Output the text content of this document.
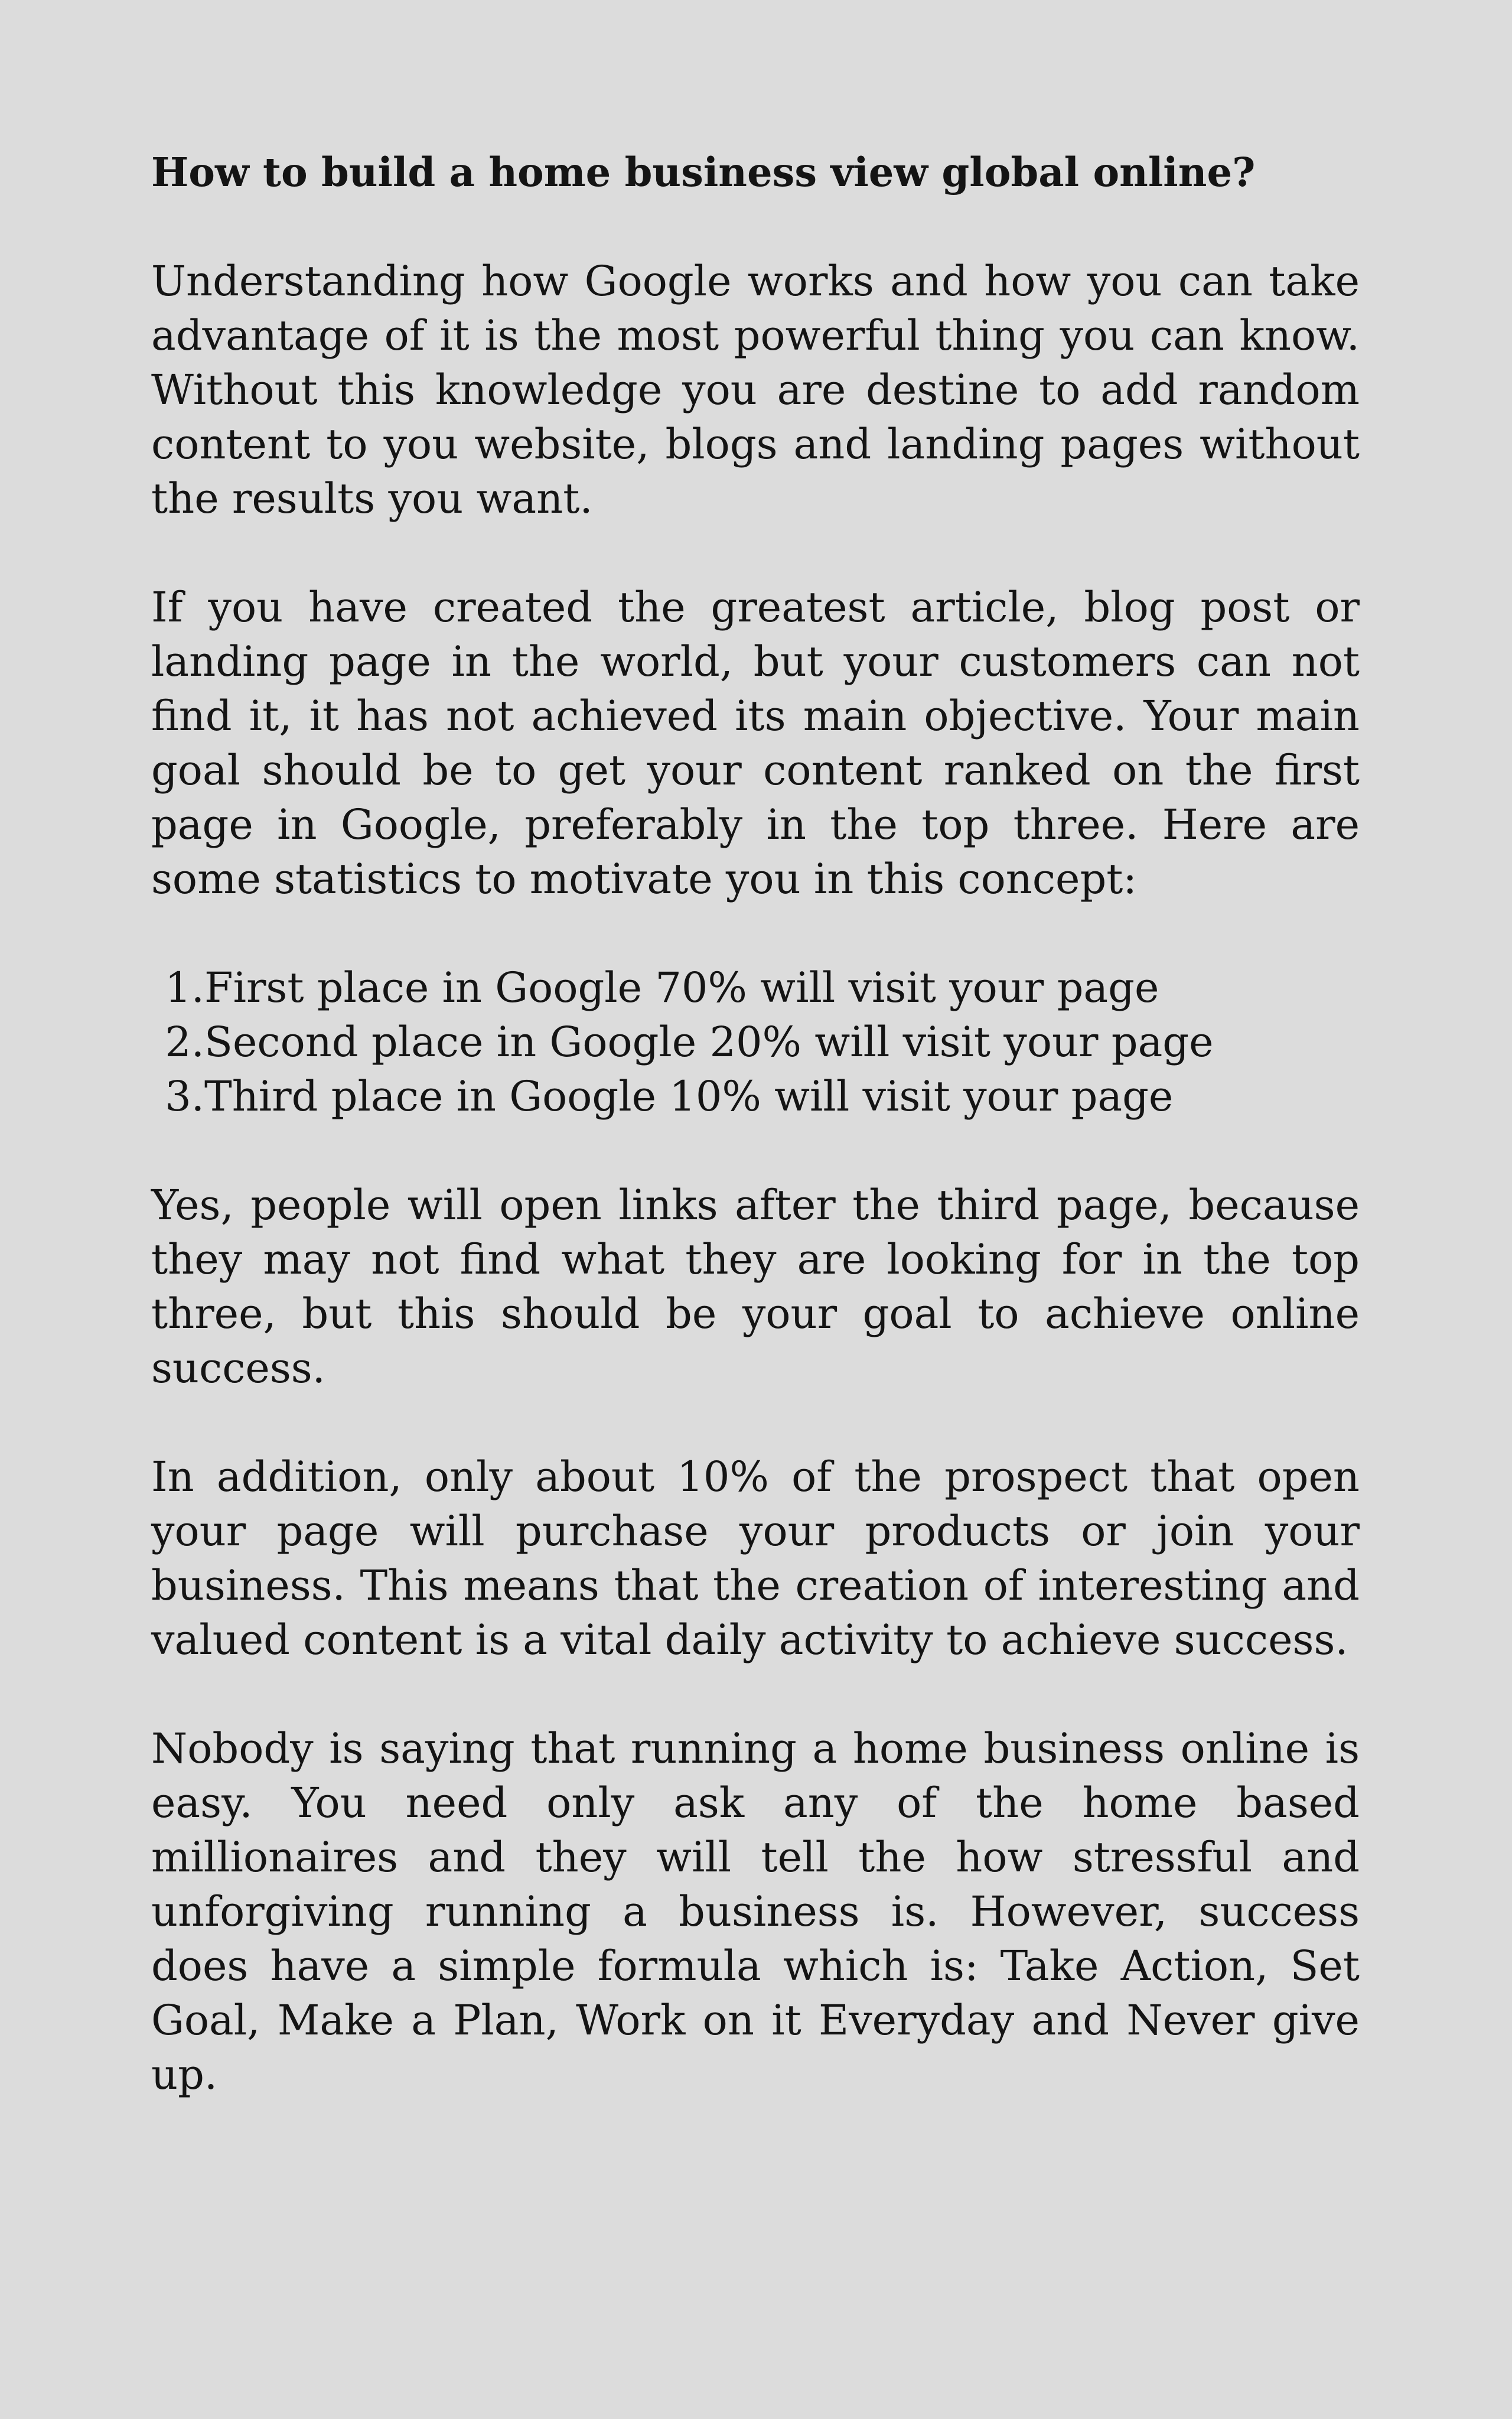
How to build a home business view global online?

Understanding how Google works and how you can take advantage of it is the most powerful thing you can know. Without this knowledge you are destine to add random content to you website, blogs and landing pages without the results you want.

If you have created the greatest article, blog post or landing page in the world, but your customers can not find it, it has not achieved its main objective. Your main goal should be to get your content ranked on the first page in Google, preferably in the top three. Here are some statistics to motivate you in this concept:

1.First place in Google 70% will visit your page
2.Second place in Google 20% will visit your page
3.Third place in Google 10% will visit your page

Yes, people will open links after the third page, because they may not find what they are looking for in the top three, but this should be your goal to achieve online success.

In addition, only about 10% of the prospect that open your page will purchase your products or join your business. This means that the creation of interesting and valued content is a vital daily activity to achieve success.

Nobody is saying that running a home business online is easy. You need only ask any of the home based millionaires and they will tell the how stressful and unforgiving running a business is. However, success does have a simple formula which is: Take Action, Set Goal, Make a Plan, Work on it Everyday and Never give up.
